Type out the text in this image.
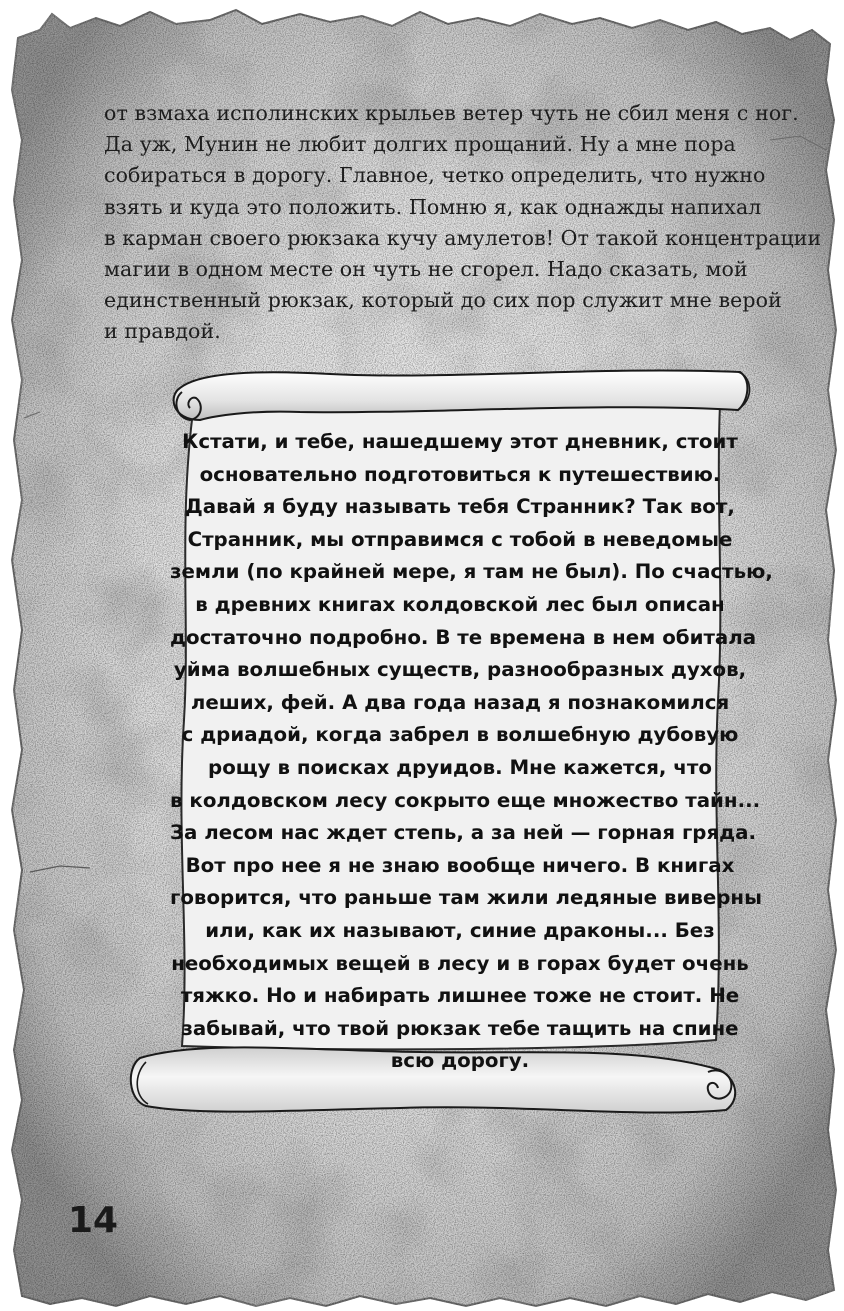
от взмаха исполинских крыльев ветер чуть не сбил меня с ног.
Да уж, Мунин не любит долгих прощаний. Ну а мне пора
собираться в дорогу. Главное, четко определить, что нужно
взять и куда это положить. Помню я, как однажды напихал
в карман своего рюкзака кучу амулетов! От такой концентрации
магии в одном месте он чуть не сгорел. Надо сказать, мой
единственный рюкзак, который до сих пор служит мне верой
и правдой.
Кстати, и тебе, нашедшему этот дневник, стоит
основательно подготовиться к путешествию.
Давай я буду называть тебя Странник? Так вот,
Странник, мы отправимся с тобой в неведомые
земли (по крайней мере, я там не был). По счастью,
в древних книгах колдовской лес был описан
достаточно подробно. В те времена в нем обитала
уйма волшебных существ, разнообразных духов,
леших, фей. А два года назад я познакомился
с дриадой, когда забрел в волшебную дубовую
рощу в поисках друидов. Мне кажется, что
в колдовском лесу сокрыто еще множество тайн...
За лесом нас ждет степь, а за ней — горная гряда.
Вот про нее я не знаю вообще ничего. В книгах
говорится, что раньше там жили ледяные виверны
или, как их называют, синие драконы... Без
необходимых вещей в лесу и в горах будет очень
тяжко. Но и набирать лишнее тоже не стоит. Не
забывай, что твой рюкзак тебе тащить на спине
всю дорогу.
14
